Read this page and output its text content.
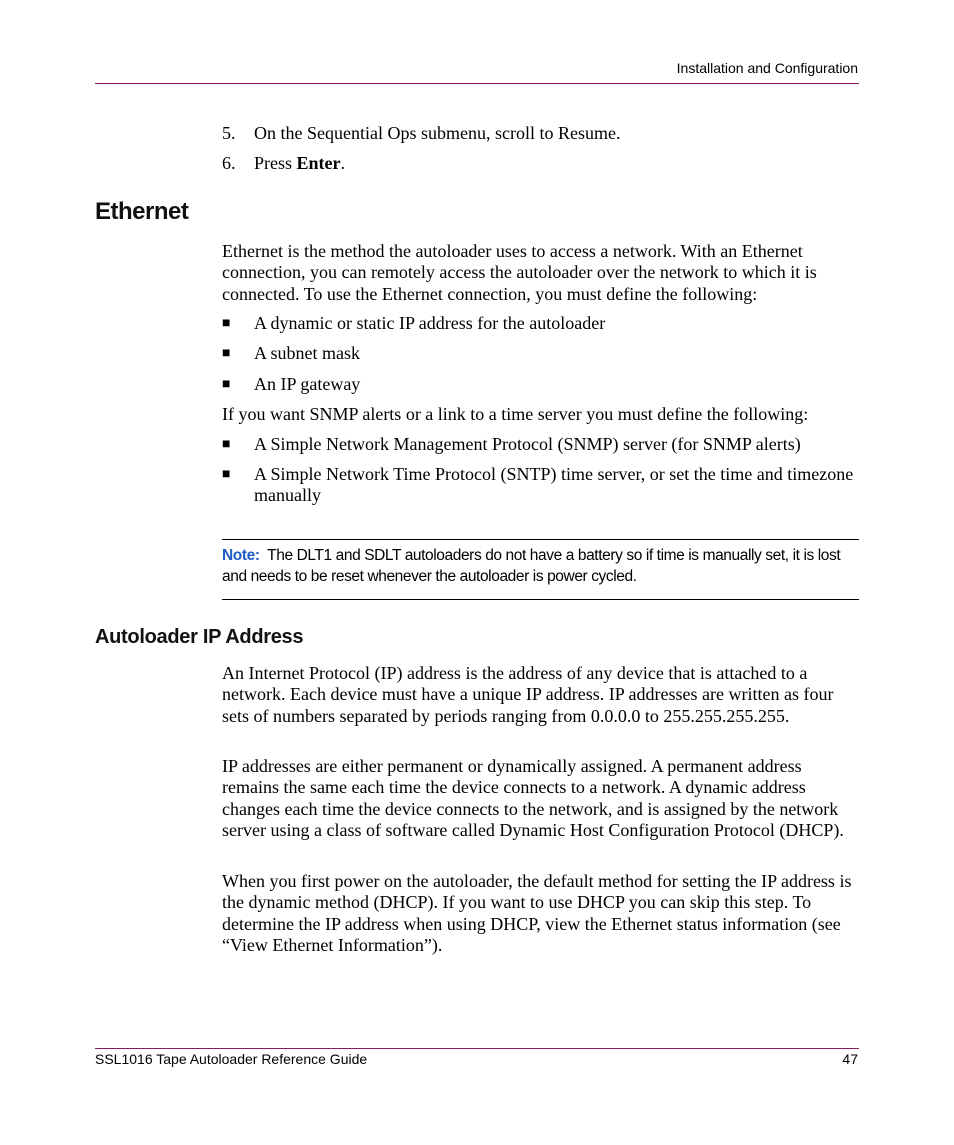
Installation and Configuration
5. On the Sequential Ops submenu, scroll to Resume.
6. Press Enter.
Ethernet
Ethernet is the method the autoloader uses to access a network. With an Ethernet connection, you can remotely access the autoloader over the network to which it is connected. To use the Ethernet connection, you must define the following:
■ A dynamic or static IP address for the autoloader
■ A subnet mask
■ An IP gateway
If you want SNMP alerts or a link to a time server you must define the following:
■ A Simple Network Management Protocol (SNMP) server (for SNMP alerts)
■ A Simple Network Time Protocol (SNTP) time server, or set the time and timezone manually
Note: The DLT1 and SDLT autoloaders do not have a battery so if time is manually set, it is lost and needs to be reset whenever the autoloader is power cycled.
Autoloader IP Address
An Internet Protocol (IP) address is the address of any device that is attached to a network. Each device must have a unique IP address. IP addresses are written as four sets of numbers separated by periods ranging from 0.0.0.0 to 255.255.255.255.
IP addresses are either permanent or dynamically assigned. A permanent address remains the same each time the device connects to a network. A dynamic address changes each time the device connects to the network, and is assigned by the network server using a class of software called Dynamic Host Configuration Protocol (DHCP).
When you first power on the autoloader, the default method for setting the IP address is the dynamic method (DHCP). If you want to use DHCP you can skip this step. To determine the IP address when using DHCP, view the Ethernet status information (see “View Ethernet Information”).
SSL1016 Tape Autoloader Reference Guide	47
